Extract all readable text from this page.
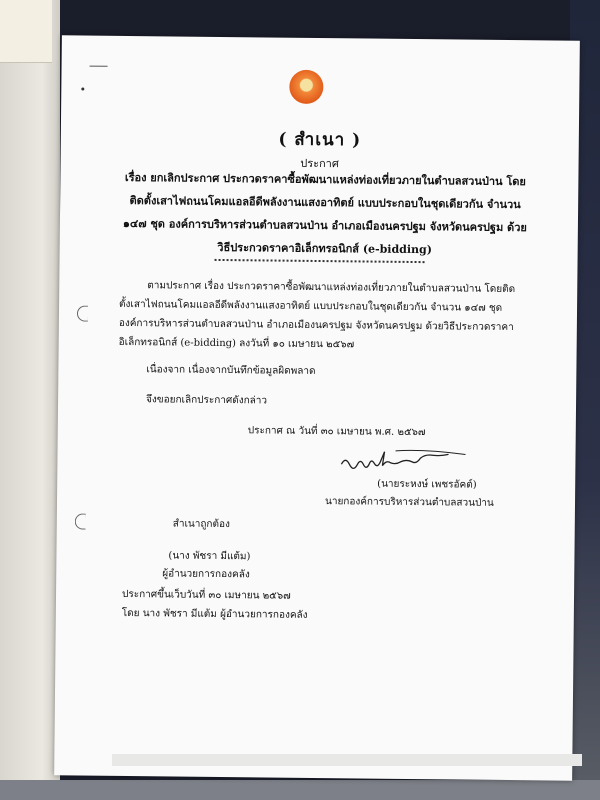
( สำเนา )
ประกาศ
เรื่อง ยกเลิกประกาศ ประกวดราคาซื้อพัฒนาแหล่งท่องเที่ยวภายในตำบลสวนป่าน โดยติดตั้งเสาไฟถนนโคมแอลอีดีพลังงานแสงอาทิตย์ แบบประกอบในชุดเดียวกัน จำนวน ๑๔๗ ชุด องค์การบริหารส่วนตำบลสวนป่าน อำเภอเมืองนครปฐม จังหวัดนครปฐม ด้วยวิธีประกวดราคาอิเล็กทรอนิกส์ (e-bidding)
ตามประกาศ เรื่อง ประกวดราคาซื้อพัฒนาแหล่งท่องเที่ยวภายในตำบลสวนป่าน โดยติดตั้งเสาไฟถนนโคมแอลอีดีพลังงานแสงอาทิตย์ แบบประกอบในชุดเดียวกัน จำนวน ๑๔๗ ชุด องค์การบริหารส่วนตำบลสวนป่าน อำเภอเมืองนครปฐม จังหวัดนครปฐม ด้วยวิธีประกวดราคาอิเล็กทรอนิกส์ (e-bidding) ลงวันที่ ๑๐ เมษายน ๒๕๖๗
เนื่องจาก เนื่องจากบันทึกข้อมูลผิดพลาด
จึงขอยกเลิกประกาศดังกล่าว
ประกาศ ณ วันที่ ๓๐ เมษายน พ.ศ. ๒๕๖๗
(นายระหงษ์ เพชรอัคต์)
นายกองค์การบริหารส่วนตำบลสวนป่าน
สำเนาถูกต้อง
(นาง พัชรา มีแต้ม)
ผู้อำนวยการกองคลัง
ประกาศขึ้นเว็บวันที่ ๓๐ เมษายน ๒๕๖๗
โดย นาง พัชรา มีแต้ม ผู้อำนวยการกองคลัง
